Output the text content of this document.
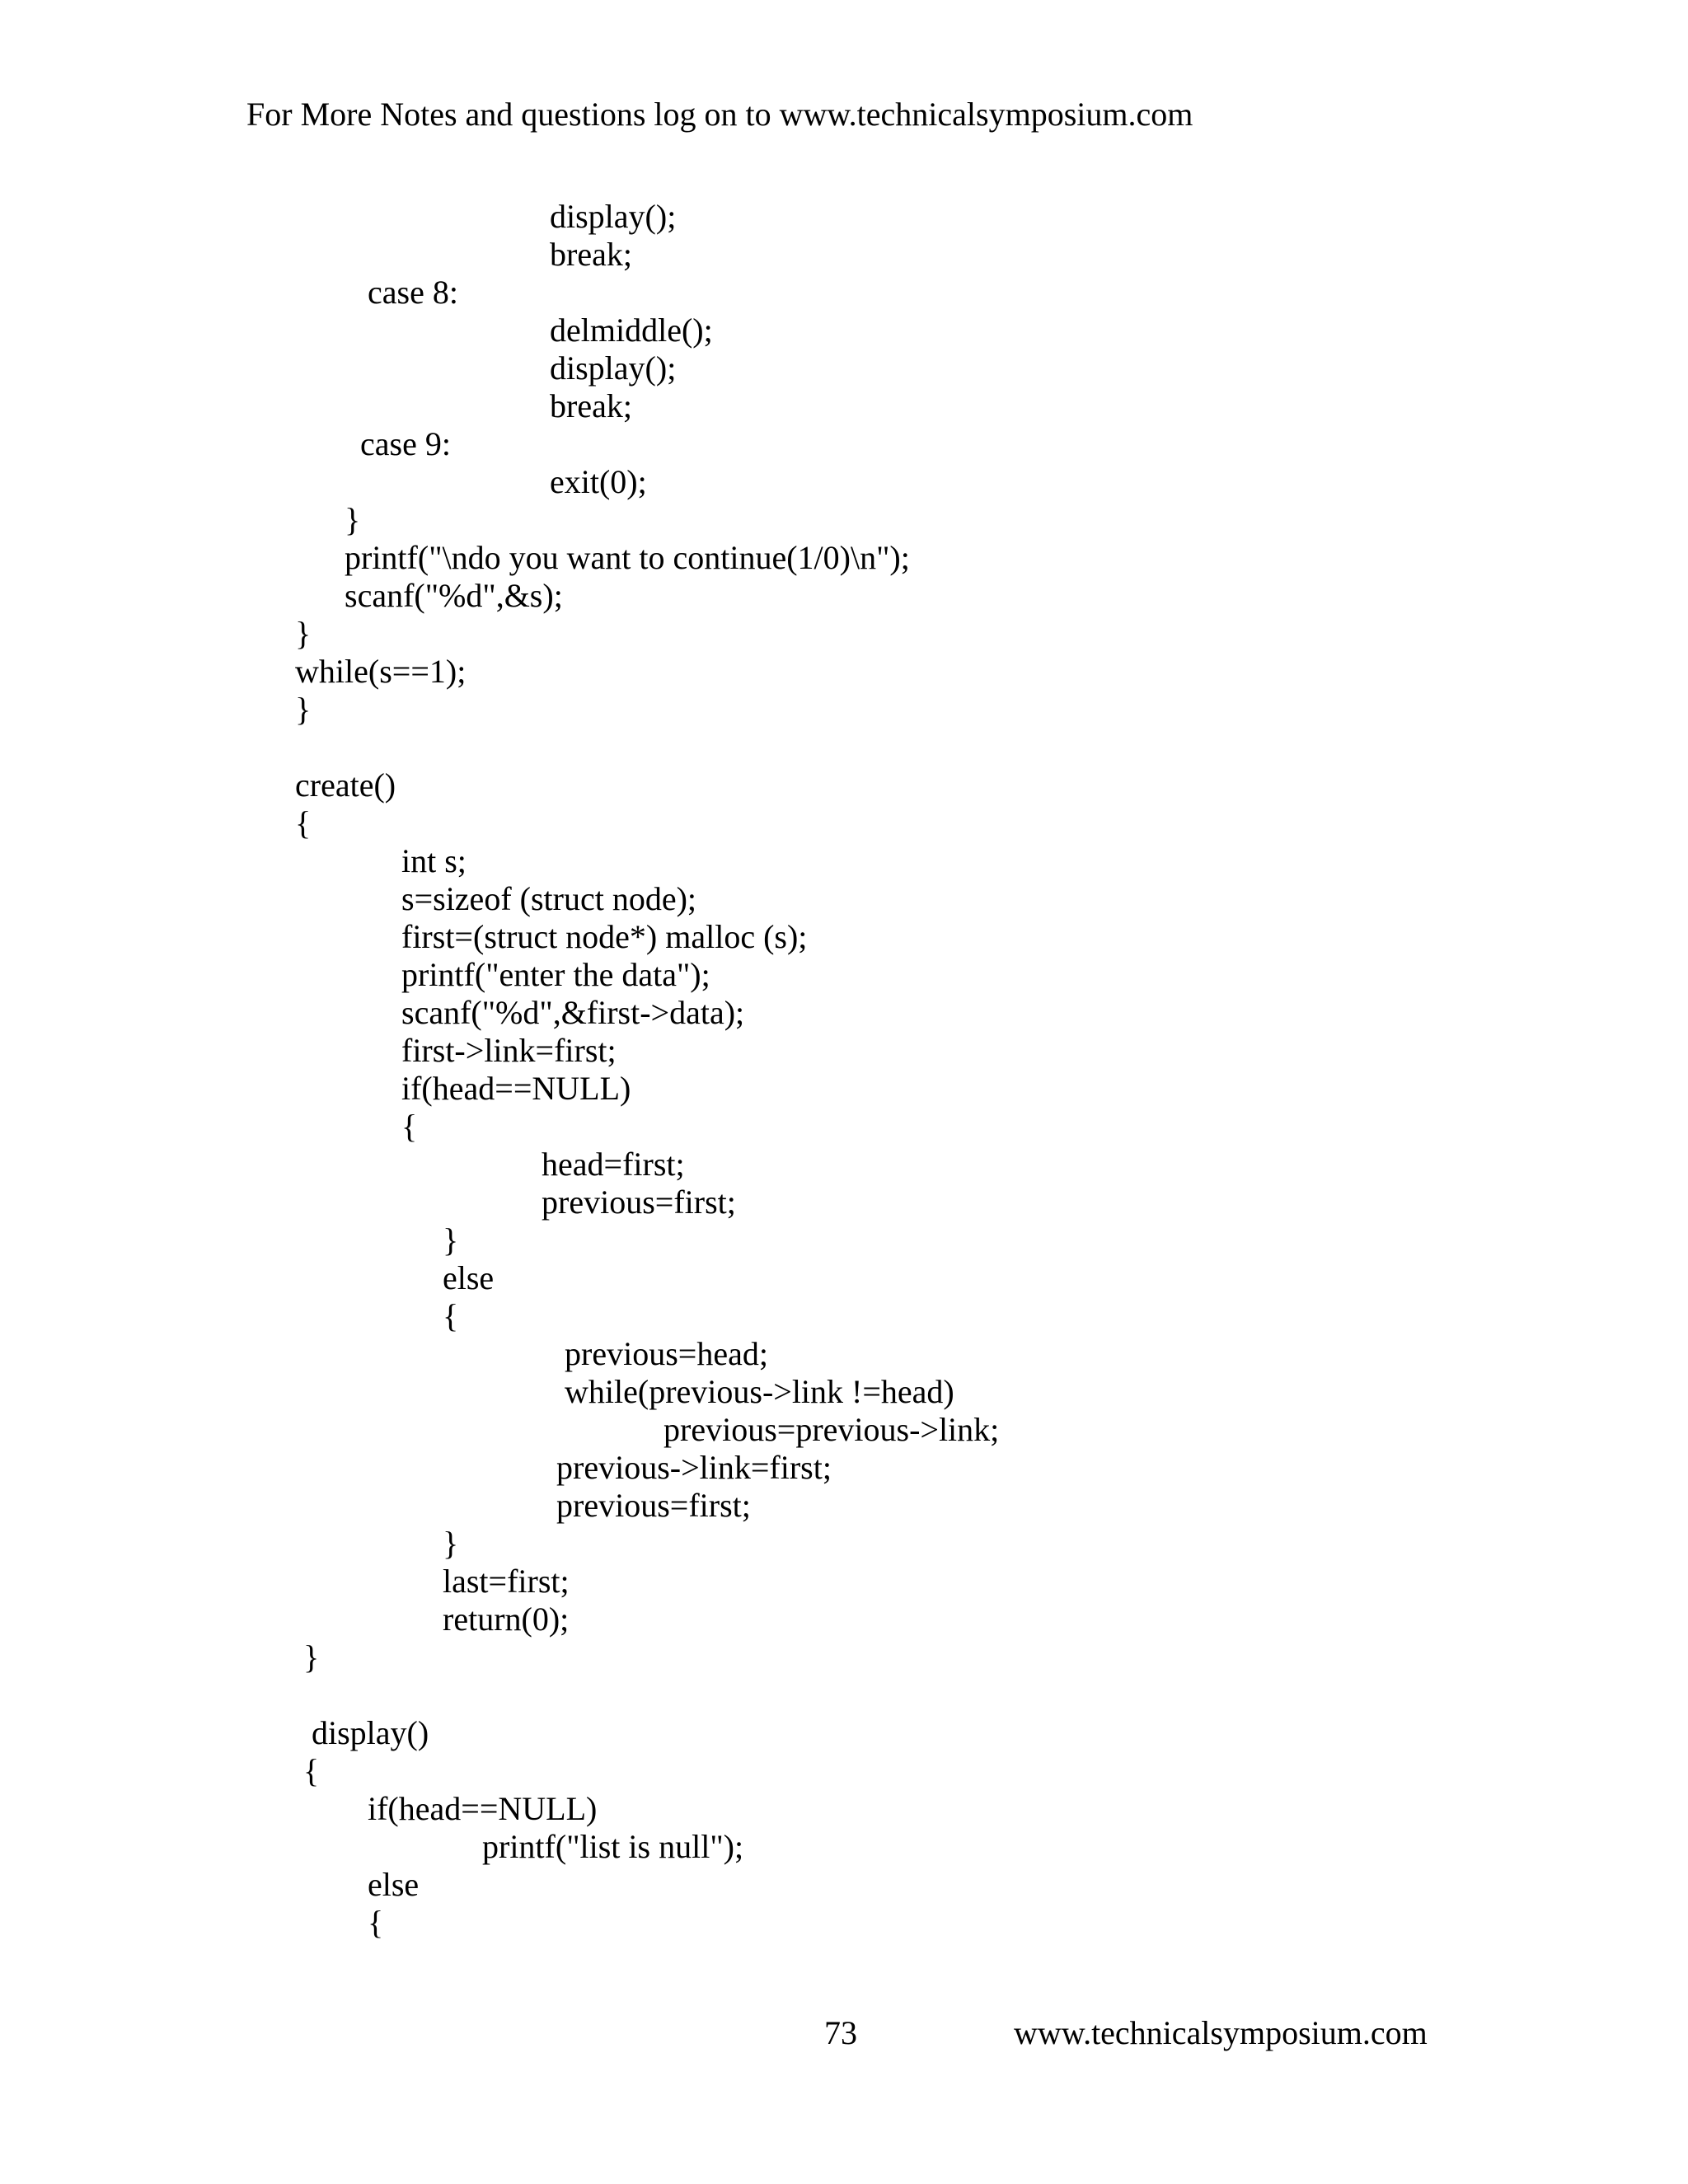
For More Notes and questions log on to www.technicalsymposium.com
display();
break;
case 8:
delmiddle();
display();
break;
case 9:
exit(0);
}
printf("\ndo you want to continue(1/0)\n");
scanf("%d",&s);
}
while(s==1);
}
create()
{
int s;
s=sizeof (struct node);
first=(struct node*) malloc (s);
printf("enter the data");
scanf("%d",&first->data);
first->link=first;
if(head==NULL)
{
head=first;
previous=first;
}
else
{
previous=head;
while(previous->link !=head)
previous=previous->link;
previous->link=first;
previous=first;
}
last=first;
return(0);
}
display()
{
if(head==NULL)
printf("list is null");
else
{
73	www.technicalsymposium.com
